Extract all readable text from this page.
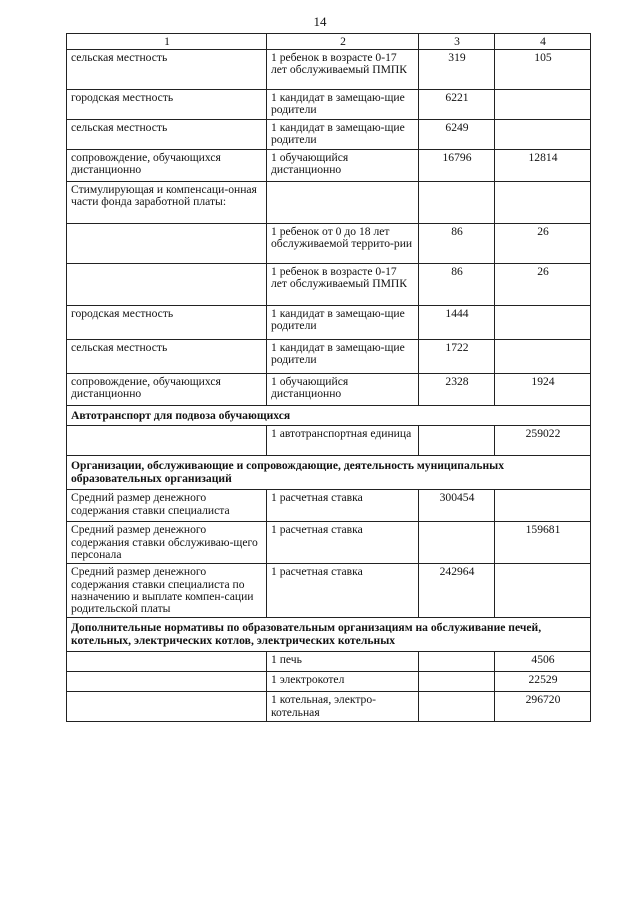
14
1	2	3	4
сельская местность	1 ребенок в возрасте 0-17 лет обслуживаемый ПМПК	319	105
городская местность	1 кандидат в замещаю-щие родители	6221	
сельская местность	1 кандидат в замещаю-щие родители	6249	
сопровождение, обучающихся дистанционно	1 обучающийся дистанционно	16796	12814
Стимулирующая и компенсаци-онная части фонда заработной платы:			
	1 ребенок от 0 до 18 лет обслуживаемой террито-рии	86	26
	1 ребенок в возрасте 0-17 лет обслуживаемый ПМПК	86	26
городская местность	1 кандидат в замещаю-щие родители	1444	
сельская местность	1 кандидат в замещаю-щие родители	1722	
сопровождение, обучающихся дистанционно	1 обучающийся дистанционно	2328	1924
Автотранспорт для подвоза обучающихся			
	1 автотранспортная единица		259022
Организации, обслуживающие и сопровождающие, деятельность муниципальных образовательных организаций			
Средний размер денежного содержания ставки специалиста	1 расчетная ставка	300454	
Средний размер денежного содержания ставки обслуживаю-щего персонала	1 расчетная ставка		159681
Средний размер денежного содержания ставки специалиста по назначению и выплате компен-сации родительской платы	1 расчетная ставка	242964	
Дополнительные нормативы по образовательным организациям на обслуживание печей, котельных, электрических котлов, электрических котельных			
	1 печь		4506
	1 электрокотел		22529
	1 котельная, электро-котельная		296720
